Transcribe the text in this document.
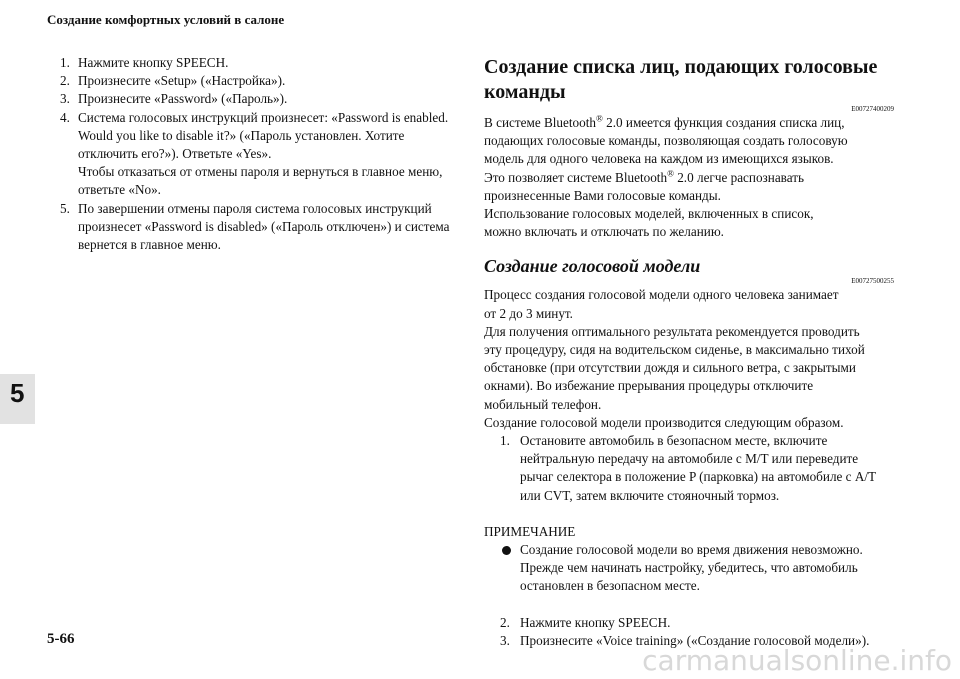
Создание комфортных условий в салоне
5
1. Нажмите кнопку SPEECH.
2. Произнесите «Setup» («Настройка»).
3. Произнесите «Password» («Пароль»).
4. Система голосовых инструкций произнесет: «Password is enabled.
Would you like to disable it?» («Пароль установлен. Хотите
отключить его?»). Ответьте «Yes».
Чтобы отказаться от отмены пароля и вернуться в главное меню,
ответьте «No».
5. По завершении отмены пароля система голосовых инструкций
произнесет «Password is disabled» («Пароль отключен») и система
вернется в главное меню.
Создание списка лиц, подающих голосовые
команды
E00727400209

В системе Bluetooth® 2.0 имеется функция создания списка лиц,

подающих голосовые команды, позволяющая создать голосовую

модель для одного человека на каждом из имеющихся языков.

Это позволяет системе Bluetooth® 2.0 легче распознавать

произнесенные Вами голосовые команды.

Использование голосовых моделей, включенных в список,

можно включать и отключать по желанию.

Создание голосовой модели
E00727500255

Процесс создания голосовой модели одного человека занимает

от 2 до 3 минут.

Для получения оптимального результата рекомендуется проводить

эту процедуру, сидя на водительском сиденье, в максимально тихой

обстановке (при отсутствии дождя и сильного ветра, с закрытыми

окнами). Во избежание прерывания процедуры отключите

мобильный телефон.

Создание голосовой модели производится следующим образом.

1. Остановите автомобиль в безопасном месте, включите
нейтральную передачу на автомобиле с M/T или переведите
рычаг селектора в положение P (парковка) на автомобиле с A/T
или CVT, затем включите стояночный тормоз.
ПРИМЕЧАНИЕ
Создание голосовой модели во время движения невозможно.
Прежде чем начинать настройку, убедитесь, что автомобиль
остановлен в безопасном месте.
2. Нажмите кнопку SPEECH.
3. Произнесите «Voice training» («Создание голосовой модели»).
5-66
carmanualsonline.info
